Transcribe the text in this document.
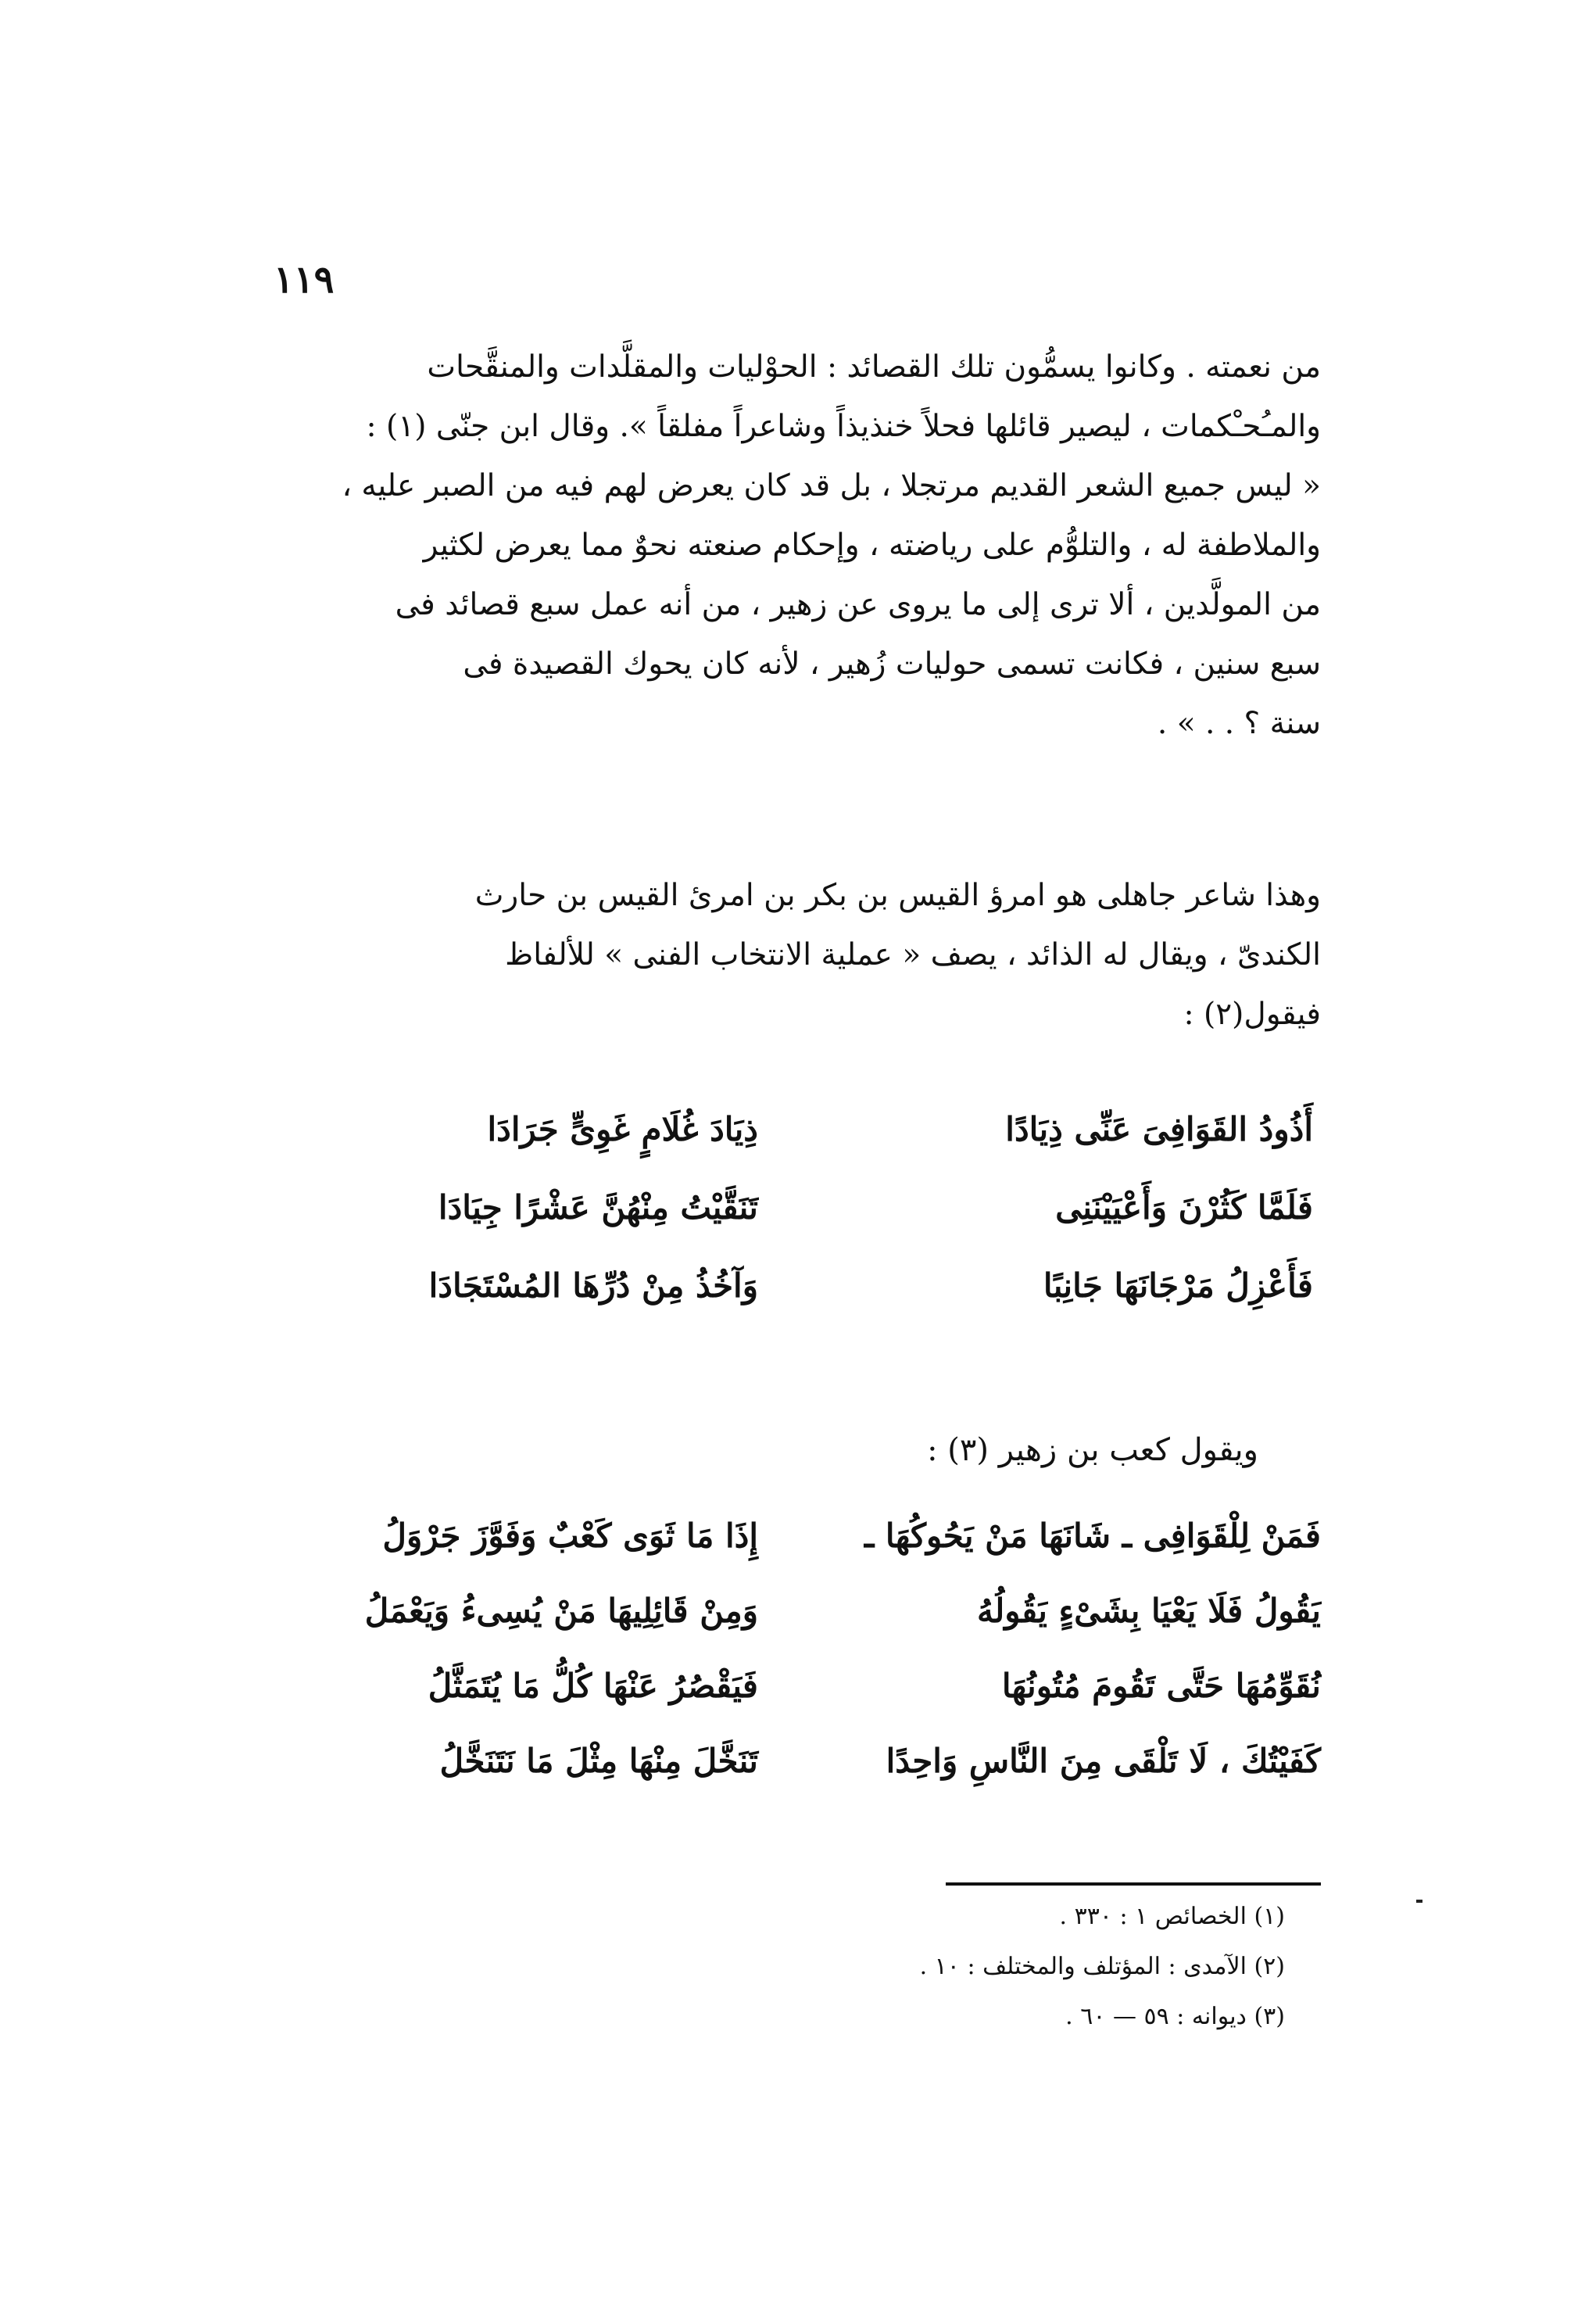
١١٩
من نعمته . وكانوا يسمُّون تلك القصائد : الحوْليات والمقلَّدات والمنقَّحات
والمـُحـْكمات ، ليصير قائلها فحلاً خنذيذاً وشاعراً مفلقاً ». وقال ابن جنّى (١) :
« ليس جميع الشعر القديم مرتجلا ، بل قد كان يعرض لهم فيه من الصبر عليه ،
والملاطفة له ، والتلوُّم على رياضته ، وإحكام صنعته نحوٌ مما يعرض لكثير
من المولَّدين ، ألا ترى إلى ما يروى عن زهير ، من أنه عمل سبع قصائد فى
سبع سنين ، فكانت تسمى حوليات زُهير ، لأنه كان يحوك القصيدة فى
سنة ؟ . . » .
وهذا شاعر جاهلى هو امرؤ القيس بن بكر بن امرئ القيس بن حارث
الكندىّ ، ويقال له الذائد ، يصف « عملية الانتخاب الفنى » للألفاظ
فيقول(٢) :
أَذُودُ القَوَافِىَ عَنِّى ذِيَادًا
ذِيَادَ غُلَامٍ غَوِىٍّ جَرَادَا
فَلَمَّا كَثُرْنَ وَأَعْيَيْنَنِى
تَنَقَّيْتُ مِنْهُنَّ عَشْرًا جِيَادَا
فَأَعْزِلُ مَرْجَانَهَا جَانِبًا
وَآخُذُ مِنْ دُرِّهَا المُسْتَجَادَا
ويقول كعب بن زهير (٣) :
فَمَنْ لِلْقَوَافِى ـ شَانَهَا مَنْ يَحُوكُهَا ـ
إِذَا مَا ثَوَى كَعْبٌ وَفَوَّزَ جَرْوَلُ
يَقُولُ فَلَا يَعْيَا بِشَىْءٍ يَقُولُهُ
وَمِنْ قَائِلِيهَا مَنْ يُسِىءُ وَيَعْمَلُ
نُقَوِّمُهَا حَتَّى تَقُومَ مُتُونُهَا
فَيَقْصُرُ عَنْهَا كُلُّ مَا يُتَمَثَّلُ
كَفَيْتُكَ ، لَا تَلْقَى مِنَ النَّاسِ وَاحِدًا
تَنَخَّلَ مِنْهَا مِثْلَ مَا نَتَنَخَّلُ
(١) الخصائص ١ : ٣٣٠ .
(٢) الآمدى : المؤتلف والمختلف : ١٠ .
(٣) ديوانه : ٥٩ — ٦٠ .
